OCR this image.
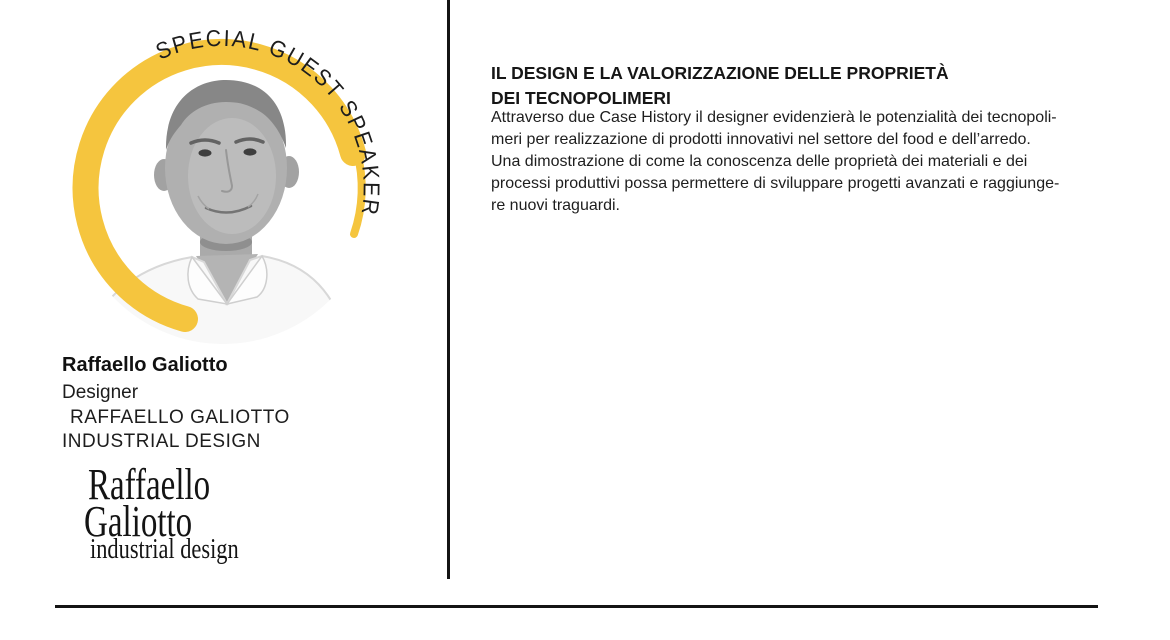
SPECIAL GUEST SPEAKER
Raffaello Galiotto
Designer
RAFFAELLO GALIOTTO
INDUSTRIAL DESIGN
Raffaello
Galiotto
industrial design
IL DESIGN E LA VALORIZZAZIONE DELLE PROPRIETÀ
DEI TECNOPOLIMERI
Attraverso due Case History il designer evidenzierà le potenzialità dei tecnopoli-
meri per realizzazione di prodotti innovativi nel settore del food e dell’arredo.
Una dimostrazione di come la conoscenza delle proprietà dei materiali e dei
processi produttivi possa permettere di sviluppare progetti avanzati e raggiunge-
re nuovi traguardi.
